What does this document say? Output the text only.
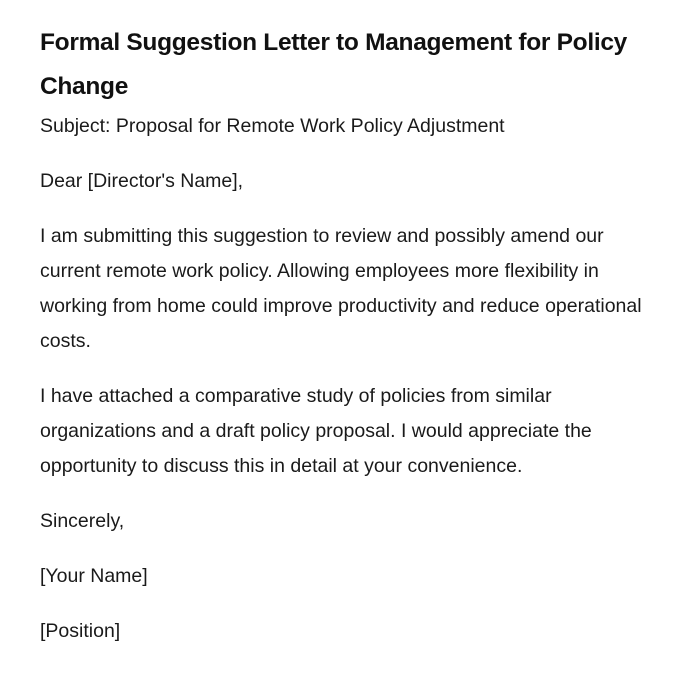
Formal Suggestion Letter to Management for Policy Change

Subject: Proposal for Remote Work Policy Adjustment

Dear [Director's Name],

I am submitting this suggestion to review and possibly amend our current remote work policy. Allowing employees more flexibility in working from home could improve productivity and reduce operational costs.

I have attached a comparative study of policies from similar organizations and a draft policy proposal. I would appreciate the opportunity to discuss this in detail at your convenience.

Sincerely,

[Your Name]

[Position]
